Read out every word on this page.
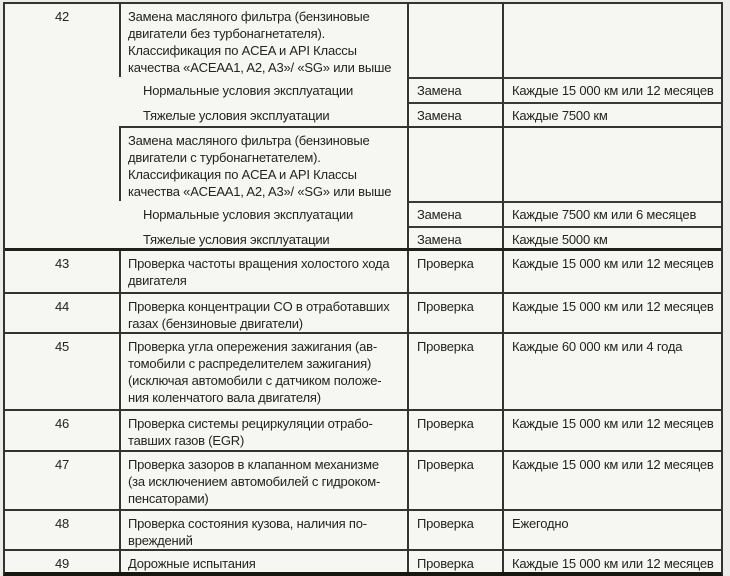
42	Замена масляного фильтра (бензиновые
двигатели без турбонагнетателя).
Классификация по ACEA и API Классы
качества «ACEAA1, A2, A3»/ «SG» или выше
Нормальные условия эксплуатации	Замена	Каждые 15 000 км или 12 месяцев
Тяжелые условия эксплуатации	Замена	Каждые 7500 км
Замена масляного фильтра (бензиновые
двигатели с турбонагнетателем).
Классификация по ACEA и API Классы
качества «ACEAA1, A2, A3»/ «SG» или выше
Нормальные условия эксплуатации	Замена	Каждые 7500 км или 6 месяцев
Тяжелые условия эксплуатации	Замена	Каждые 5000 км
43	Проверка частоты вращения холостого хода
двигателя
Проверка	Каждые 15 000 км или 12 месяцев
44	Проверка концентрации CO в отработавших
газах (бензиновые двигатели)
Проверка	Каждые 15 000 км или 12 месяцев
45	Проверка угла опережения зажигания (ав-
томобили с распределителем зажигания)
(исключая автомобили с датчиком положе-
ния коленчатого вала двигателя)
Проверка	Каждые 60 000 км или 4 года
46	Проверка системы рециркуляции отрабо-
тавших газов (EGR)
Проверка	Каждые 15 000 км или 12 месяцев
47	Проверка зазоров в клапанном механизме
(за исключением автомобилей с гидроком-
пенсаторами)
Проверка	Каждые 15 000 км или 12 месяцев
48	Проверка состояния кузова, наличия по-
вреждений
Проверка	Ежегодно
49	Дорожные испытания	Проверка	Каждые 15 000 км или 12 месяцев
